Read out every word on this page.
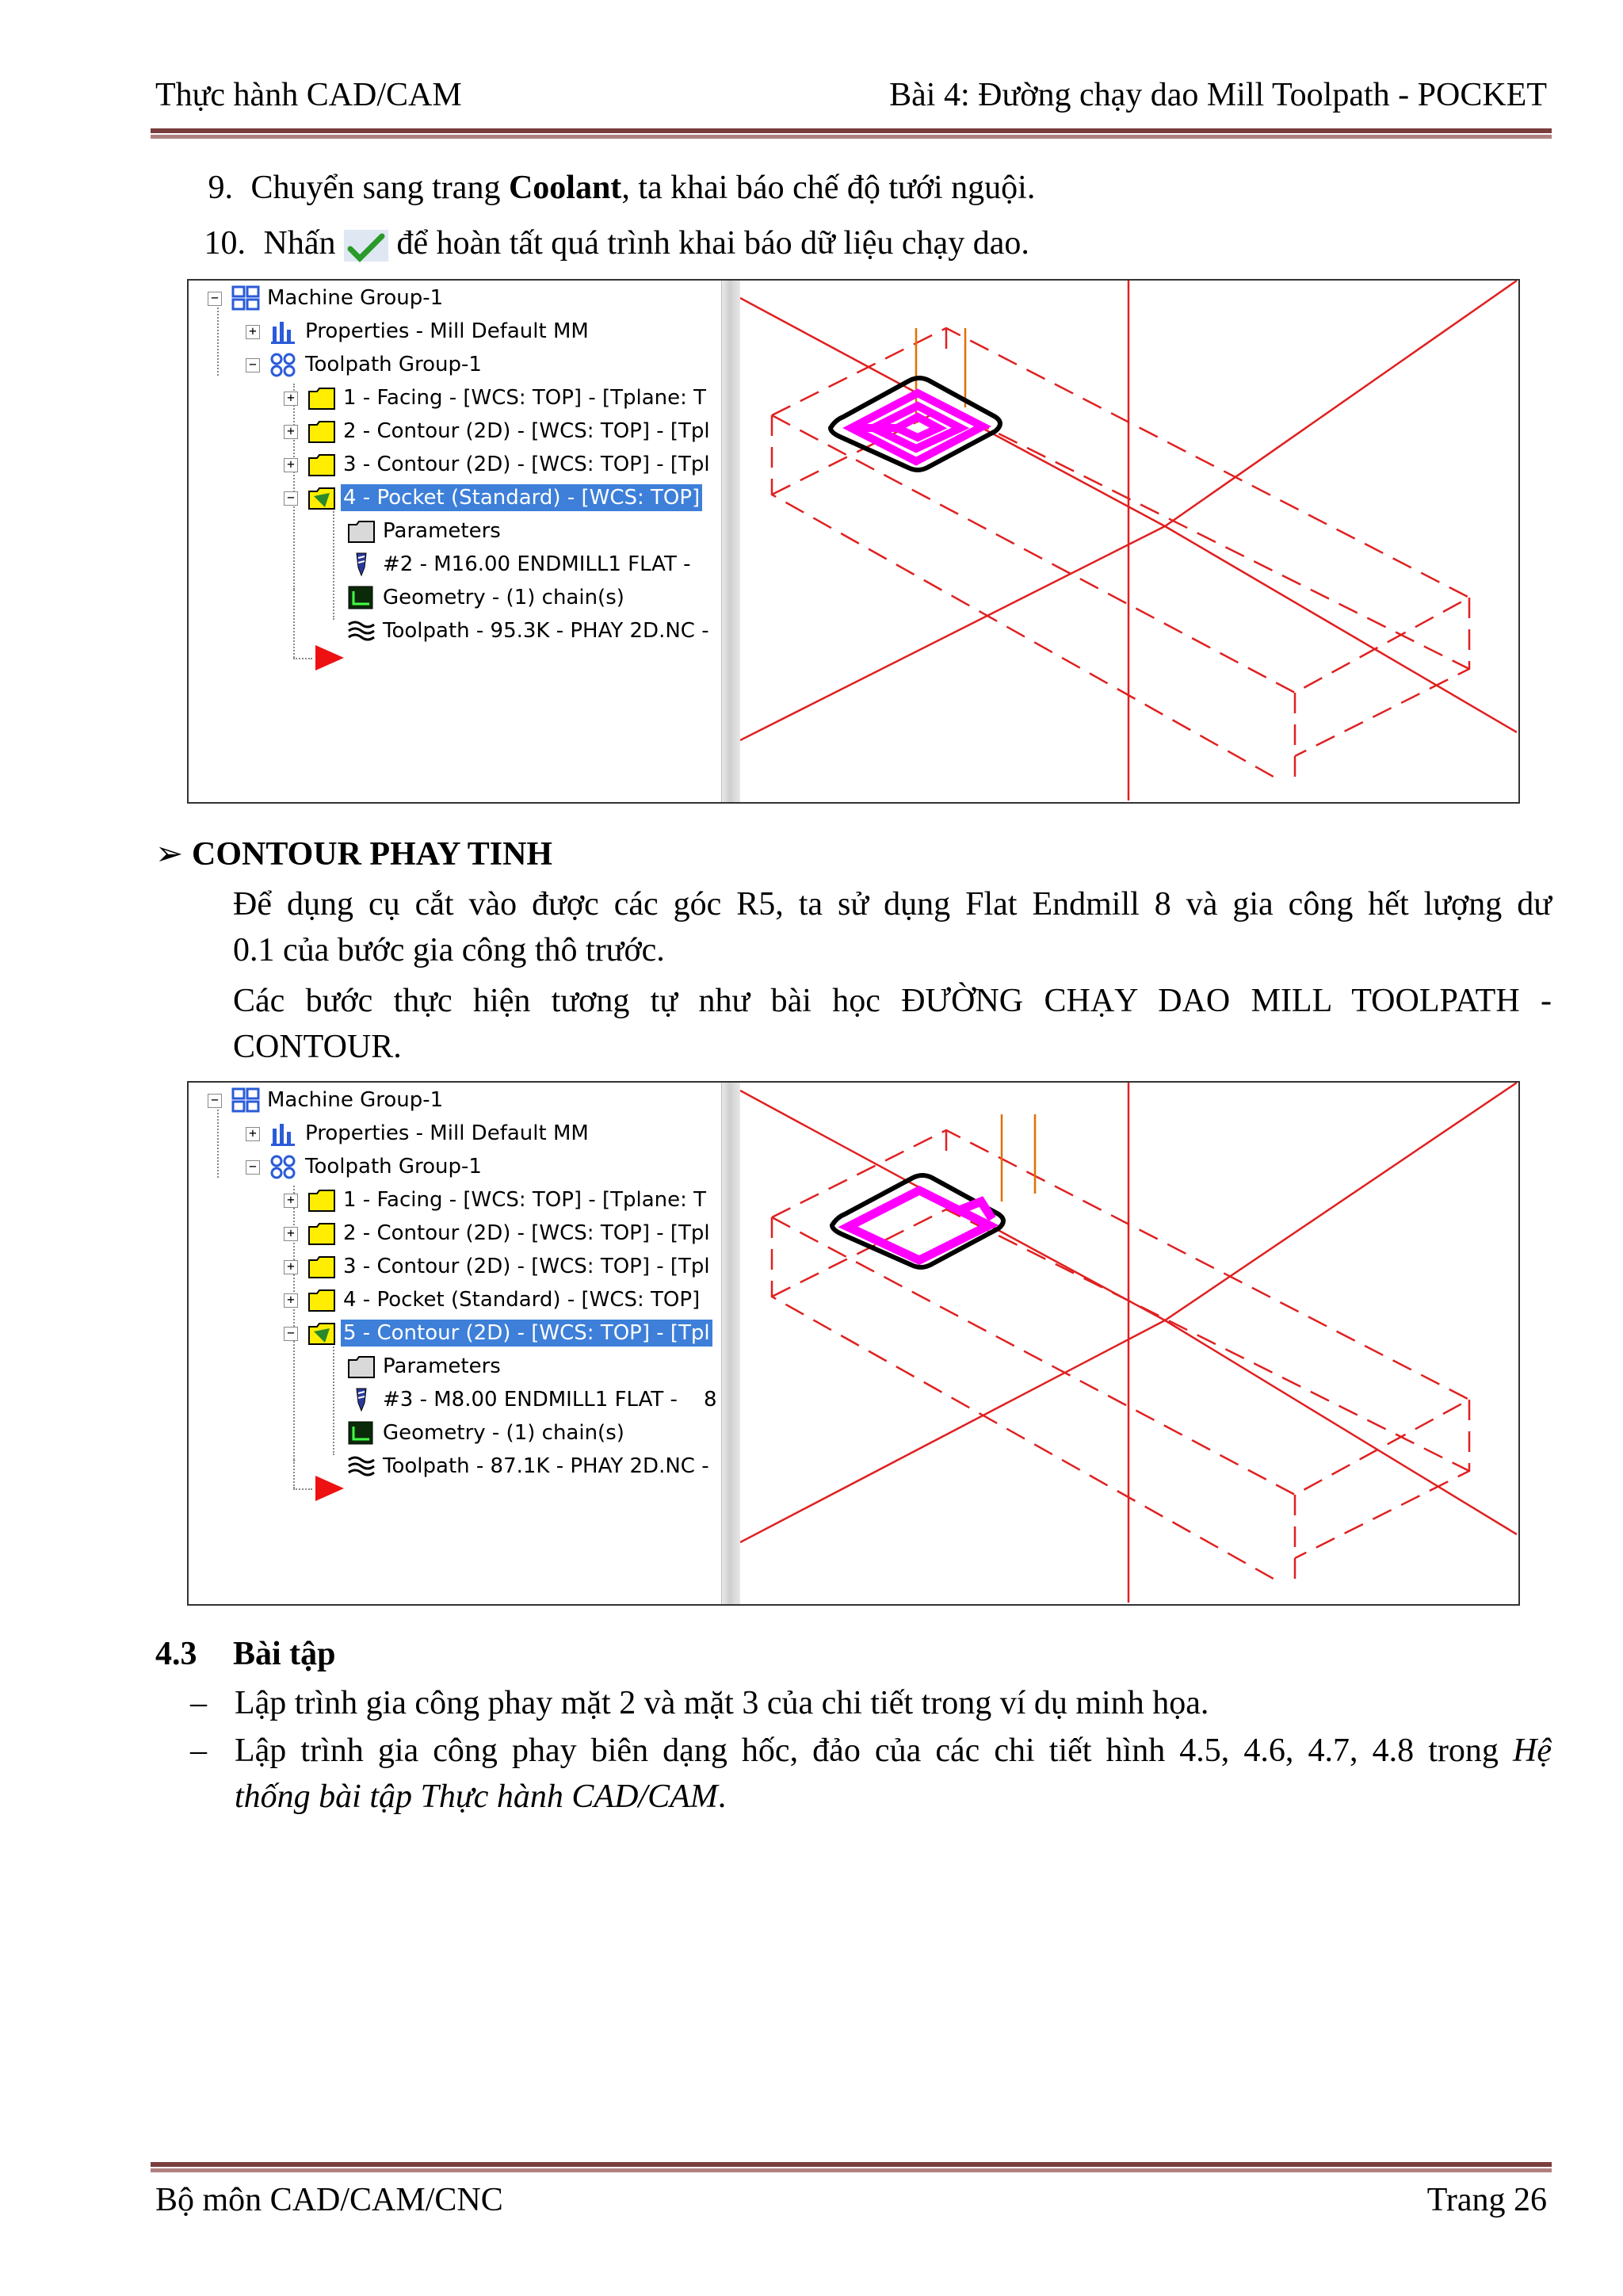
Thực hành CAD/CAM	Bài 4: Đường chạy dao Mill Toolpath - POCKET
9. Chuyển sang trang Coolant, ta khai báo chế độ tưới nguội.
10. Nhấn  để hoàn tất quá trình khai báo dữ liệu chạy dao.
− Machine Group-1
+ Properties - Mill Default MM
− Toolpath Group-1
+ 1 - Facing - [WCS: TOP] - [Tplane: T
+ 2 - Contour (2D) - [WCS: TOP] - [Tpl
+ 3 - Contour (2D) - [WCS: TOP] - [Tpl
− 4 - Pocket (Standard) - [WCS: TOP]
Parameters
#2 - M16.00 ENDMILL1 FLAT -
Geometry - (1) chain(s)
Toolpath - 95.3K - PHAY 2D.NC -
➢ CONTOUR PHAY TINH
Để dụng cụ cắt vào được các góc R5, ta sử dụng Flat Endmill 8 và gia công hết lượng dư
0.1 của bước gia công thô trước.
Các bước thực hiện tương tự như bài học ĐƯỜNG CHẠY DAO MILL TOOLPATH -
CONTOUR.
− Machine Group-1
+ Properties - Mill Default MM
− Toolpath Group-1
+ 1 - Facing - [WCS: TOP] - [Tplane: T
+ 2 - Contour (2D) - [WCS: TOP] - [Tpl
+ 3 - Contour (2D) - [WCS: TOP] - [Tpl
+ 4 - Pocket (Standard) - [WCS: TOP]
− 5 - Contour (2D) - [WCS: TOP] - [Tpl
Parameters
#3 - M8.00 ENDMILL1 FLAT -    8
Geometry - (1) chain(s)
Toolpath - 87.1K - PHAY 2D.NC -
4.3 Bài tập
– Lập trình gia công phay mặt 2 và mặt 3 của chi tiết trong ví dụ minh họa.
– Lập trình gia công phay biên dạng hốc, đảo của các chi tiết hình 4.5, 4.6, 4.7, 4.8 trong Hệ
thống bài tập Thực hành CAD/CAM.
Bộ môn CAD/CAM/CNC	Trang 26
